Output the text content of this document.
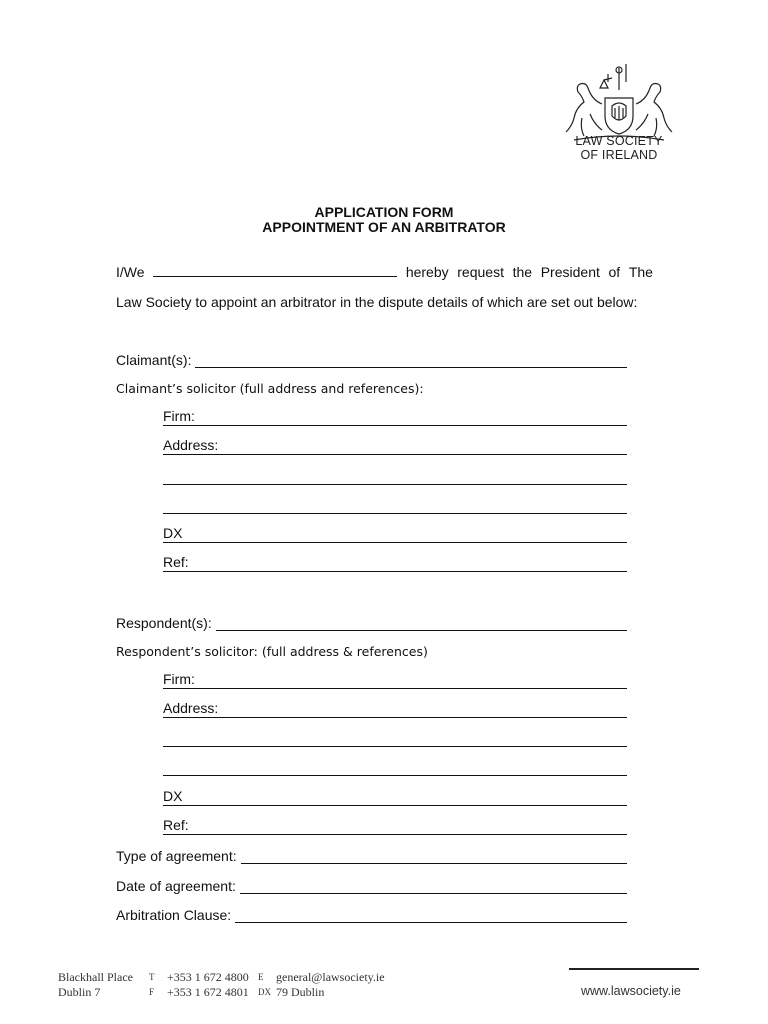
LAW SOCIETY
OF IRELAND
APPLICATION FORM
APPOINTMENT OF AN ARBITRATOR
I/We	hereby request the President of The
Law Society to appoint an arbitrator in the dispute details of which are set out below:
Claimant(s):
Claimant’s solicitor (full address and references):
Firm:
Address:
DX
Ref:
Respondent(s):
Respondent’s solicitor: (full address & references)
Firm:
Address:
DX
Ref:
Type of agreement:
Date of agreement:
Arbitration Clause:
Blackhall Place
Dublin 7
T +353 1 672 4800
F +353 1 672 4801
E general@lawsociety.ie
DX 79 Dublin	www.lawsociety.ie
